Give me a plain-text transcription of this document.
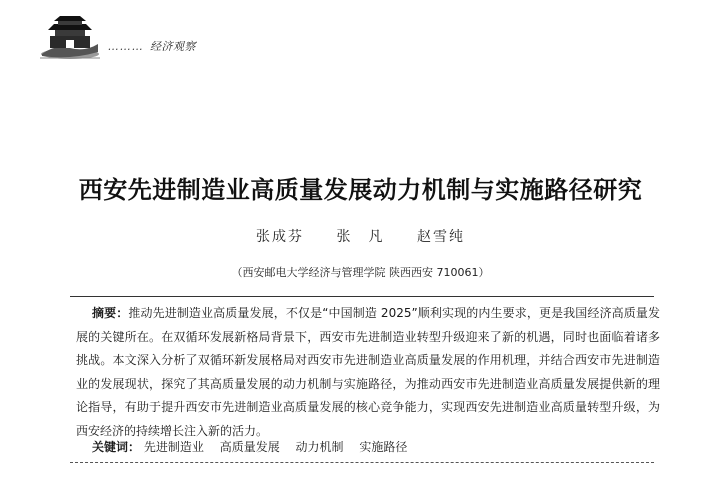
……… 经济观察
西安先进制造业高质量发展动力机制与实施路径研究
张成芬 张　凡 赵雪纯
（西安邮电大学经济与管理学院 陕西西安 710061）
摘要：推动先进制造业高质量发展，不仅是“中国制造 2025”顺利实现的内生要求，更是我国经济高质量发展的关键所在。在双循环发展新格局背景下，西安市先进制造业转型升级迎来了新的机遇，同时也面临着诸多挑战。本文深入分析了双循环新发展格局对西安市先进制造业高质量发展的作用机理，并结合西安市先进制造业的发展现状，探究了其高质量发展的动力机制与实施路径，为推动西安市先进制造业高质量发展提供新的理论指导，有助于提升西安市先进制造业高质量发展的核心竞争能力，实现西安先进制造业高质量转型升级，为西安经济的持续增长注入新的活力。
关键词： 先进制造业 高质量发展 动力机制 实施路径
